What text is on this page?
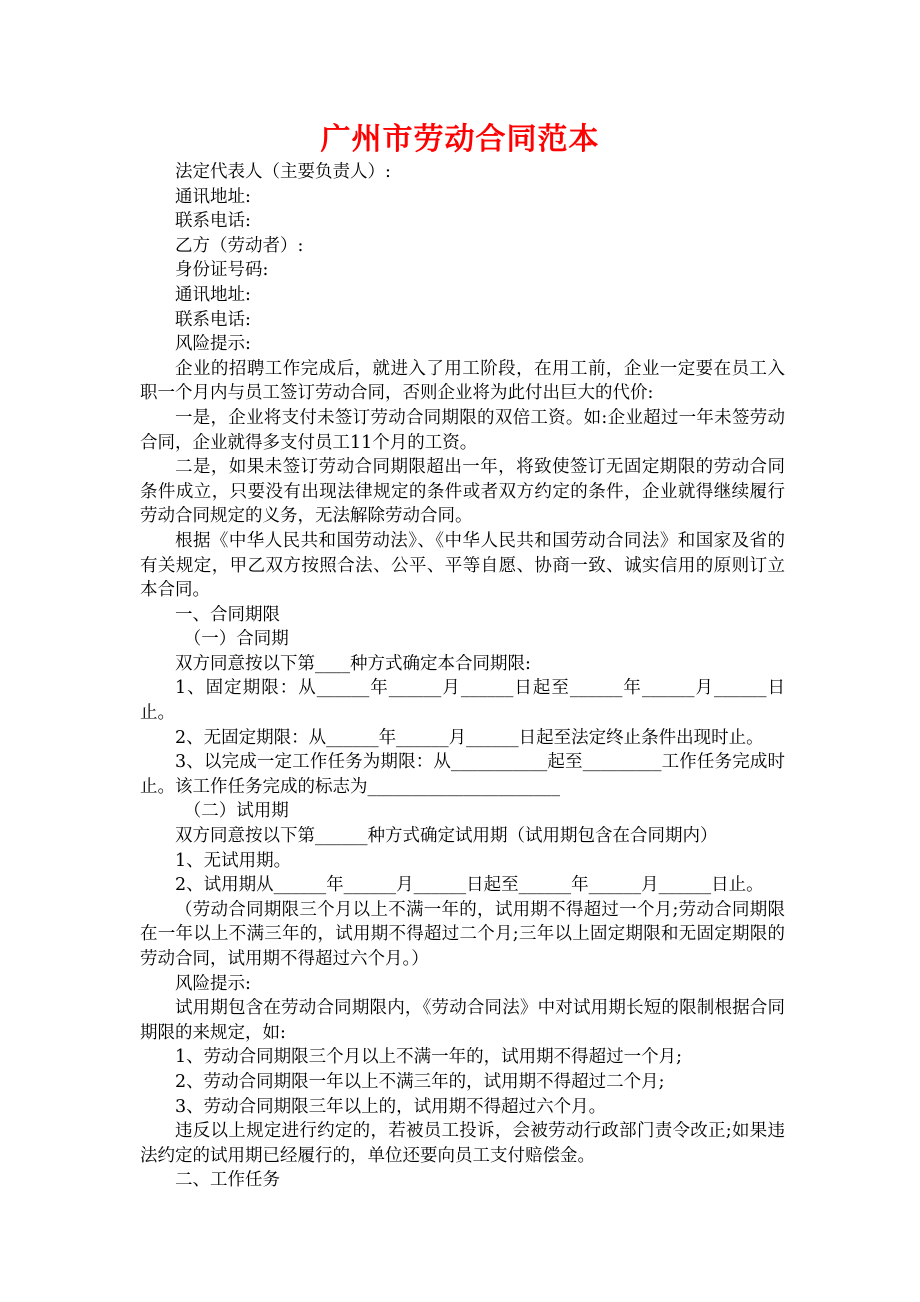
广州市劳动合同范本

法定代表人（主要负责人）:

通讯地址:

联系电话:

乙方（劳动者）:

身份证号码:

通讯地址:

联系电话:

风险提示:

企业的招聘工作完成后，就进入了用工阶段，在用工前，企业一定要在员工入职一个月内与员工签订劳动合同，否则企业将为此付出巨大的代价:

一是，企业将支付未签订劳动合同期限的双倍工资。如:企业超过一年未签劳动合同，企业就得多支付员工11个月的工资。

二是，如果未签订劳动合同期限超出一年，将致使签订无固定期限的劳动合同条件成立，只要没有出现法律规定的条件或者双方约定的条件，企业就得继续履行劳动合同规定的义务，无法解除劳动合同。

根据《中华人民共和国劳动法》、《中华人民共和国劳动合同法》和国家及省的有关规定，甲乙双方按照合法、公平、平等自愿、协商一致、诚实信用的原则订立本合同。

一、合同期限

（一）合同期

双方同意按以下第____种方式确定本合同期限:

1、固定期限：从______年______月______日起至______年______月______日止。

2、无固定期限：从______年______月______日起至法定终止条件出现时止。

3、以完成一定工作任务为期限：从___________起至_________工作任务完成时止。该工作任务完成的标志为______________________

（二）试用期

双方同意按以下第______种方式确定试用期（试用期包含在合同期内）

1、无试用期。

2、试用期从______年______月______日起至______年______月______日止。

（劳动合同期限三个月以上不满一年的，试用期不得超过一个月;劳动合同期限在一年以上不满三年的，试用期不得超过二个月;三年以上固定期限和无固定期限的劳动合同，试用期不得超过六个月。）

风险提示:

试用期包含在劳动合同期限内，《劳动合同法》中对试用期长短的限制根据合同期限的来规定，如:

1、劳动合同期限三个月以上不满一年的，试用期不得超过一个月;

2、劳动合同期限一年以上不满三年的，试用期不得超过二个月;

3、劳动合同期限三年以上的，试用期不得超过六个月。

违反以上规定进行约定的，若被员工投诉，会被劳动行政部门责令改正;如果违法约定的试用期已经履行的，单位还要向员工支付赔偿金。

二、工作任务
